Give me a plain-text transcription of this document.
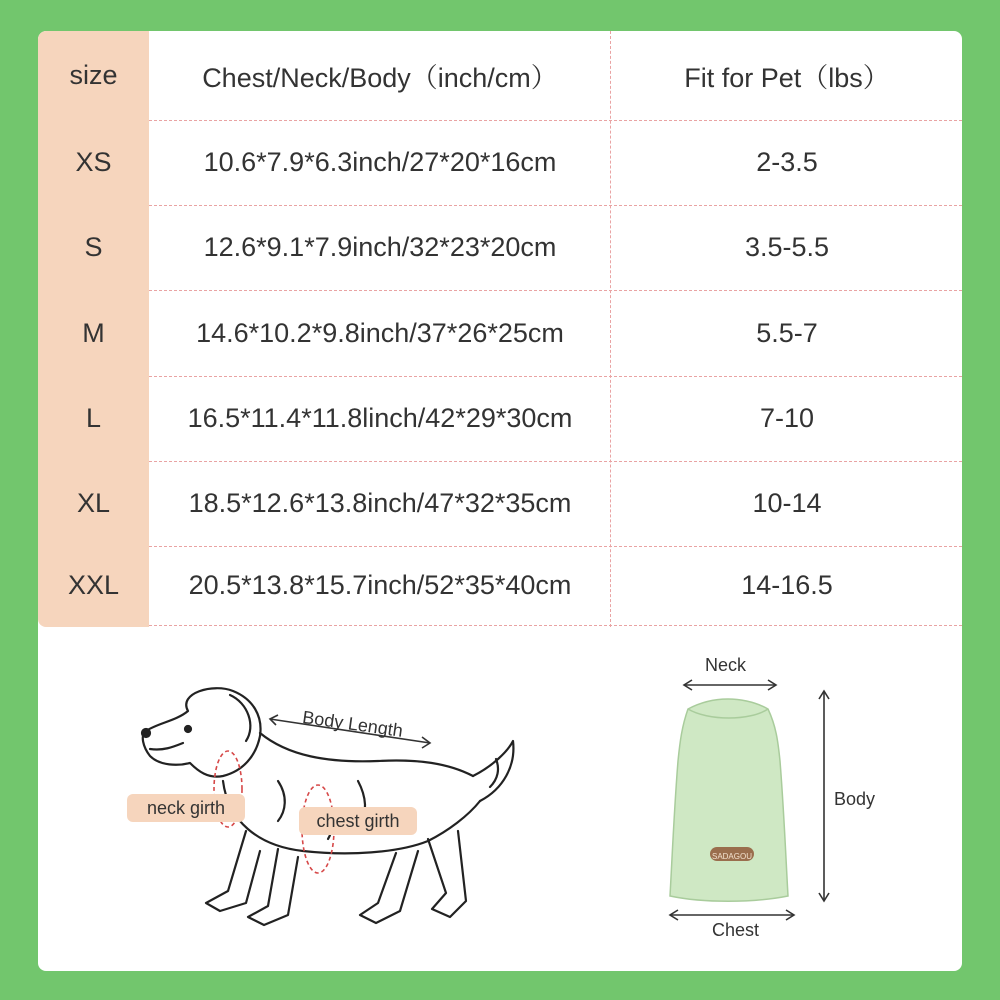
size	Chest/Neck/Body（inch/cm）	Fit for Pet（lbs）
XS	10.6*7.9*6.3inch/27*20*16cm	2-3.5
S	12.6*9.1*7.9inch/32*23*20cm	3.5-5.5
M	14.6*10.2*9.8inch/37*26*25cm	5.5-7
L	16.5*11.4*11.8linch/42*29*30cm	7-10
XL	18.5*12.6*13.8inch/47*32*35cm	10-14
XXL	20.5*13.8*15.7inch/52*35*40cm	14-16.5
Body Length
neck girth
chest girth
SADAGOU
Neck
Body
Chest
